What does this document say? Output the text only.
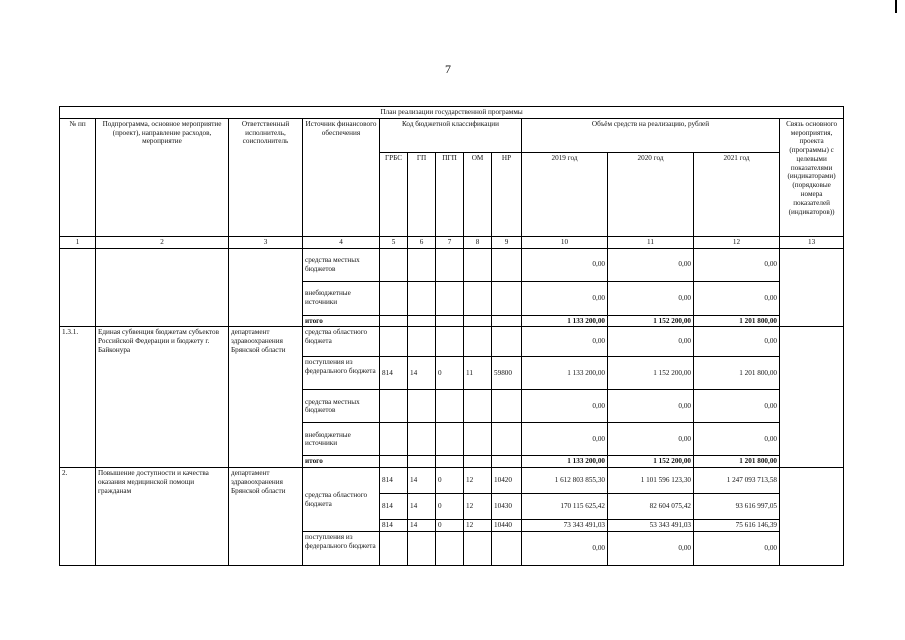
7
План реализации государственной программы												
№ пп	Подпрограмма, основное мероприятие (проект), направление расходов, мероприятие	Ответственный исполнитель, соисполнитель	Источник финансового обеспечения	Код бюджетной классификации					Объём средств на реализацию, рублей			Связь основного мероприятия, проекта (программы) с целевыми показателями (индикаторами) (порядковые номера показателей (индикаторов))
				ГРБС	ГП	ПГП	ОМ	НР	2019 год	2020 год	2021 год	
1	2	3	4	5	6	7	8	9	10	11	12	13
			средства местных бюджетов						0,00	0,00	0,00	
			внебюджетные источники						0,00	0,00	0,00	
			итого						1 133 200,00	1 152 200,00	1 201 800,00	
1.3.1.	Единая субвенция бюджетам субъектов Российской Федерации и бюджету г. Байконура	департамент здравоохранения Брянской области	средства областного бюджета						0,00	0,00	0,00	
			поступления из федерального бюджета	814	14	0	11	59800	1 133 200,00	1 152 200,00	1 201 800,00	
			средства местных бюджетов						0,00	0,00	0,00	
			внебюджетные источники						0,00	0,00	0,00	
			итого						1 133 200,00	1 152 200,00	1 201 800,00	
2.	Повышение доступности и качества оказания медицинской помощи гражданам	департамент здравоохранения Брянской области	средства областного бюджета	814	14	0	12	10420	1 612 803 855,30	1 101 596 123,30	1 247 093 713,58	
				814	14	0	12	10430	170 115 625,42	82 604 075,42	93 616 997,05	
				814	14	0	12	10440	73 343 491,03	53 343 491,03	75 616 146,39	
			поступления из федерального бюджета						0,00	0,00	0,00	
